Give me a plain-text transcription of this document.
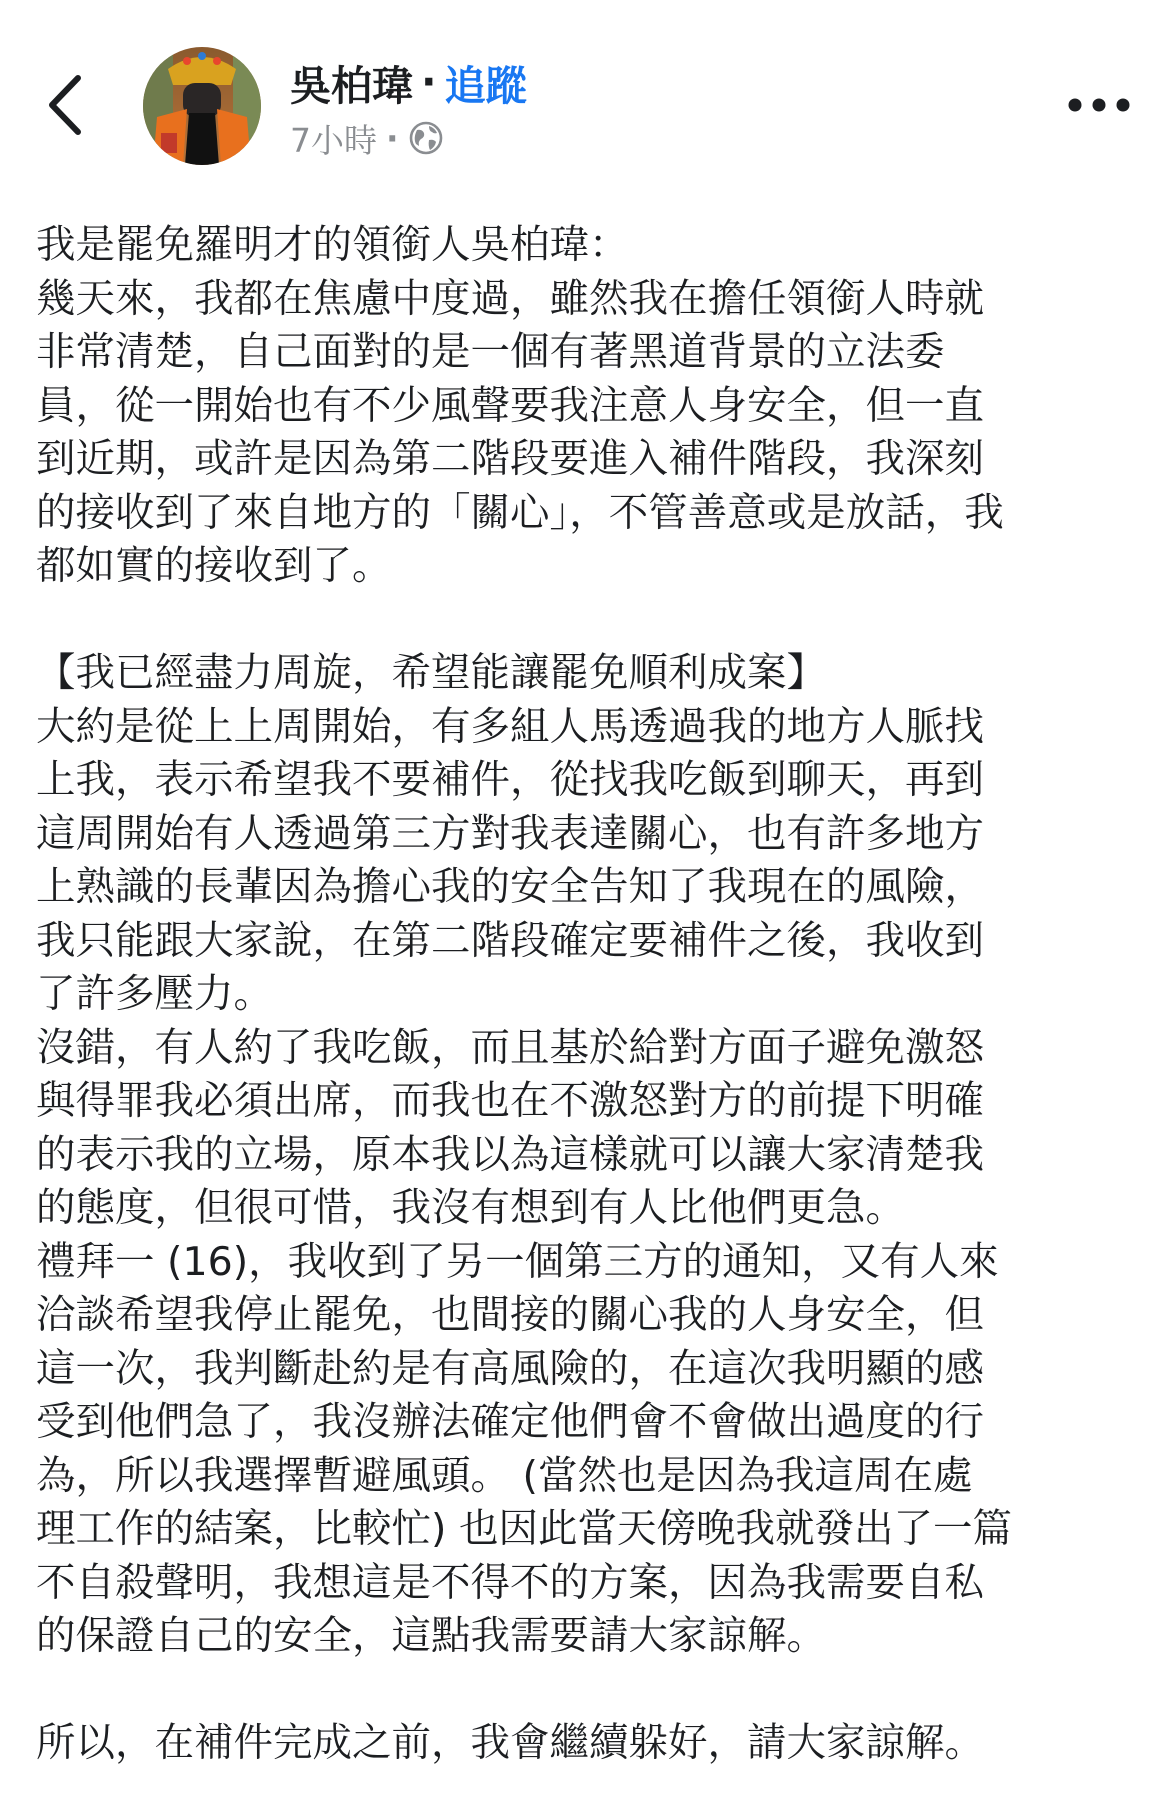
吳柏瑋 · 追蹤
7小時 ·
我是罷免羅明才的領銜人吳柏瑋：
幾天來，我都在焦慮中度過，雖然我在擔任領銜人時就
非常清楚，自己面對的是一個有著黑道背景的立法委
員，從一開始也有不少風聲要我注意人身安全，但一直
到近期，或許是因為第二階段要進入補件階段，我深刻
的接收到了來自地方的「關心」，不管善意或是放話，我
都如實的接收到了。
【我已經盡力周旋，希望能讓罷免順利成案】
大約是從上上周開始，有多組人馬透過我的地方人脈找
上我，表示希望我不要補件，從找我吃飯到聊天，再到
這周開始有人透過第三方對我表達關心，也有許多地方
上熟識的長輩因為擔心我的安全告知了我現在的風險，
我只能跟大家說，在第二階段確定要補件之後，我收到
了許多壓力。
沒錯，有人約了我吃飯，而且基於給對方面子避免激怒
與得罪我必須出席，而我也在不激怒對方的前提下明確
的表示我的立場，原本我以為這樣就可以讓大家清楚我
的態度，但很可惜，我沒有想到有人比他們更急。
禮拜一 (16)，我收到了另一個第三方的通知，又有人來
洽談希望我停止罷免，也間接的關心我的人身安全，但
這一次，我判斷赴約是有高風險的，在這次我明顯的感
受到他們急了，我沒辦法確定他們會不會做出過度的行
為，所以我選擇暫避風頭。 (當然也是因為我這周在處
理工作的結案，比較忙) 也因此當天傍晚我就發出了一篇
不自殺聲明，我想這是不得不的方案，因為我需要自私
的保證自己的安全，這點我需要請大家諒解。
所以，在補件完成之前，我會繼續躲好，請大家諒解。
